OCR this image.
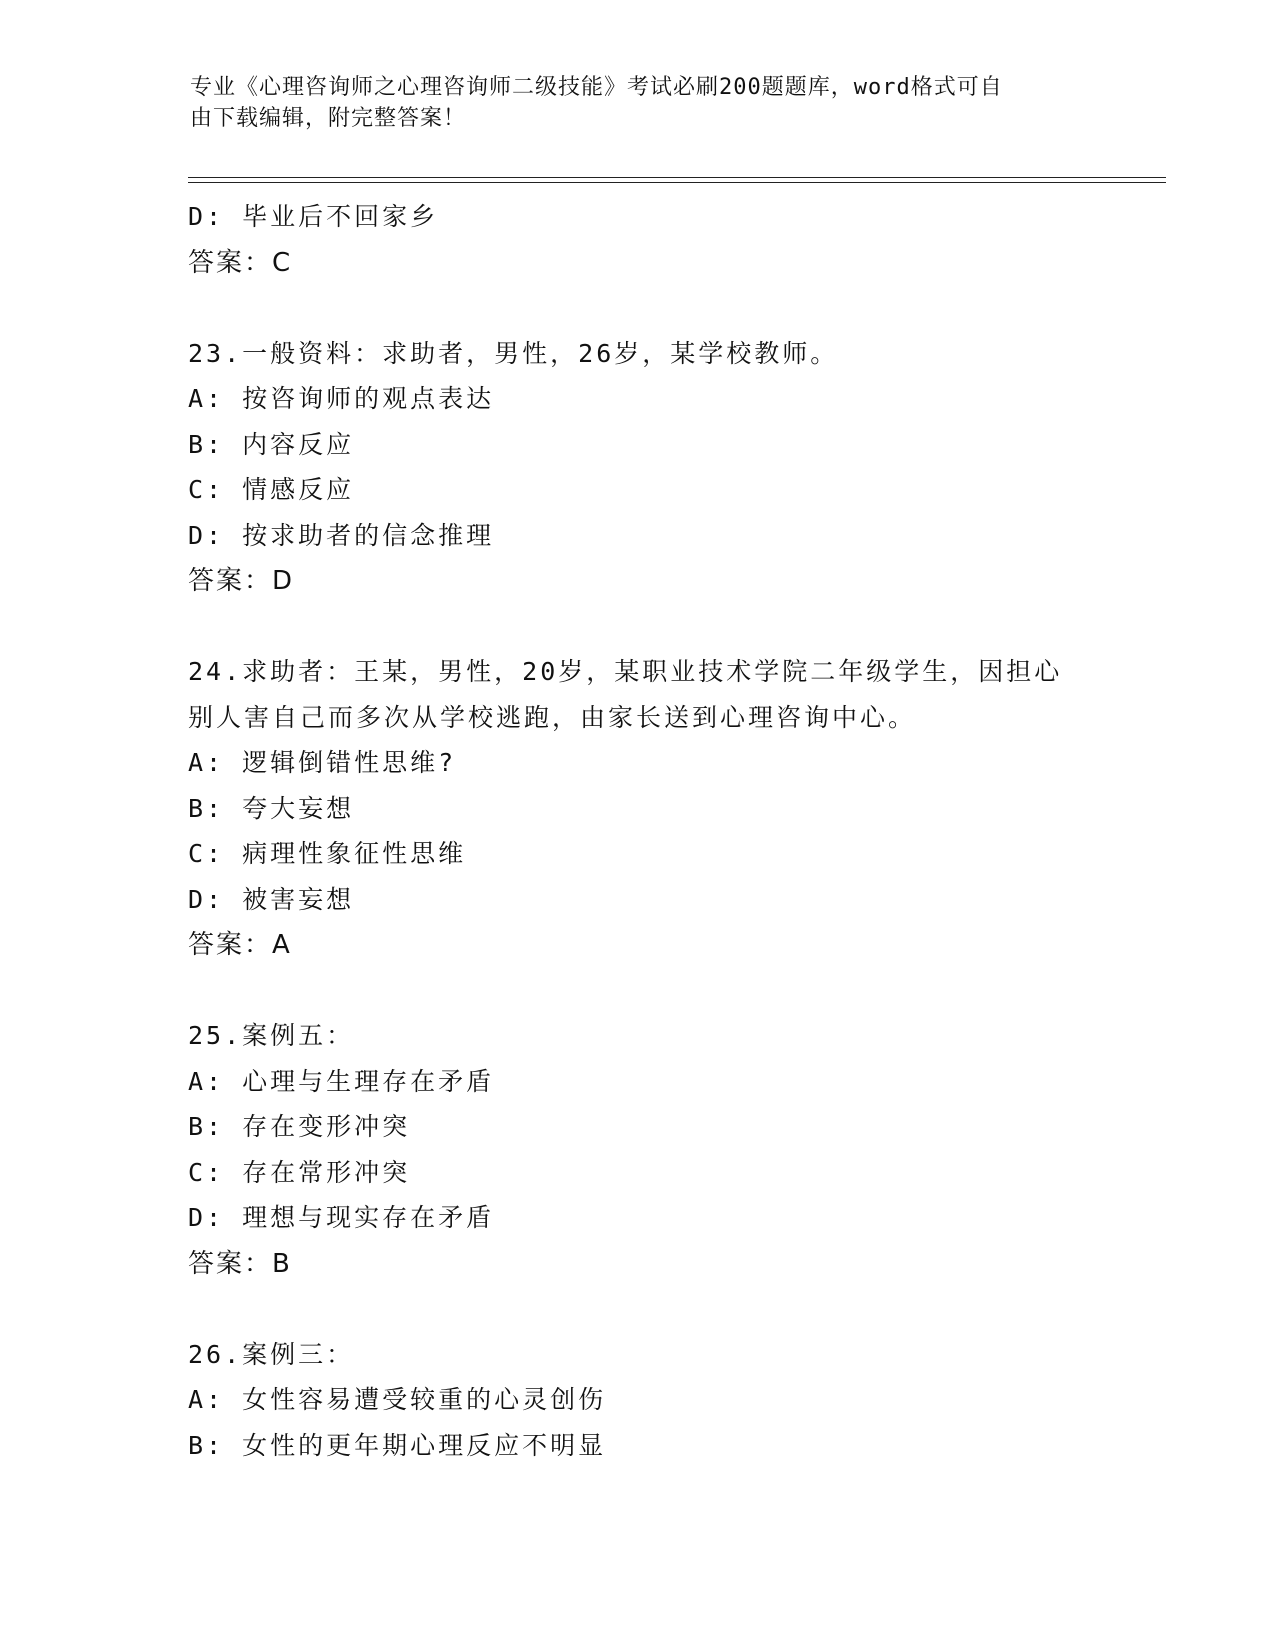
专业《心理咨询师之心理咨询师二级技能》考试必刷200题题库，word格式可自
由下载编辑，附完整答案！
D: 毕业后不回家乡
答案：C
23.一般资料：求助者，男性，26岁，某学校教师。
A: 按咨询师的观点表达
B: 内容反应
C: 情感反应
D: 按求助者的信念推理
答案：D
24.求助者：王某，男性，20岁，某职业技术学院二年级学生，因担心
别人害自己而多次从学校逃跑，由家长送到心理咨询中心。
A: 逻辑倒错性思维?
B: 夸大妄想
C: 病理性象征性思维
D: 被害妄想
答案：A
25.案例五：
A: 心理与生理存在矛盾
B: 存在变形冲突
C: 存在常形冲突
D: 理想与现实存在矛盾
答案：B
26.案例三：
A: 女性容易遭受较重的心灵创伤
B: 女性的更年期心理反应不明显
